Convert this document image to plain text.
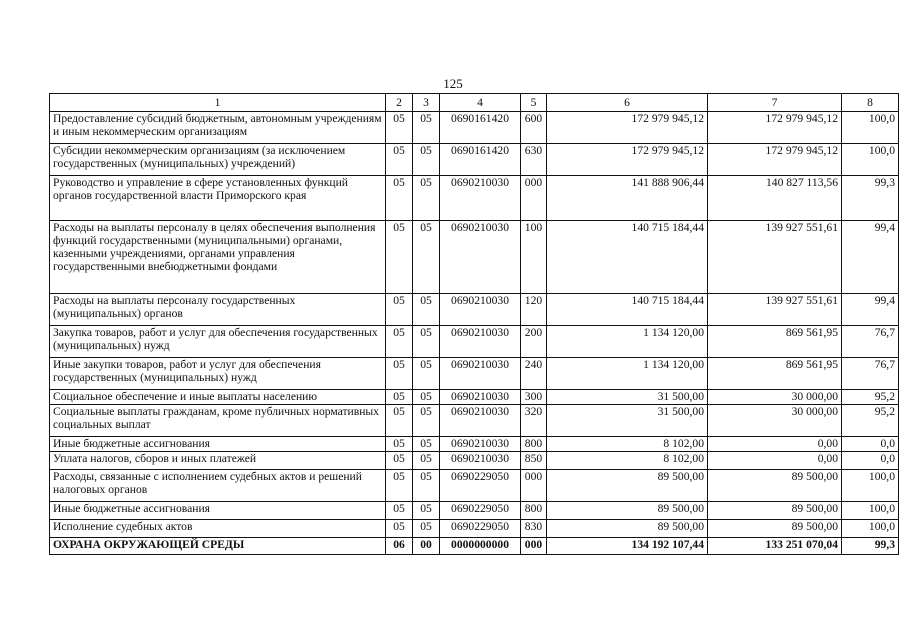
125
1	2	3	4	5	6	7	8
Предоставление субсидий бюджетным, автономным учреждениям и иным некоммерческим организациям	05	05	0690161420	600	172 979 945,12	172 979 945,12	100,0
Субсидии некоммерческим организациям (за исключением государственных (муниципальных) учреждений)	05	05	0690161420	630	172 979 945,12	172 979 945,12	100,0
Руководство и управление в сфере установленных функций органов государственной власти Приморского края	05	05	0690210030	000	141 888 906,44	140 827 113,56	99,3
Расходы на выплаты персоналу в целях обеспечения выполнения функций государственными (муниципальными) органами, казенными учреждениями, органами управления государственными внебюджетными фондами	05	05	0690210030	100	140 715 184,44	139 927 551,61	99,4
Расходы на выплаты персоналу государственных (муниципальных) органов	05	05	0690210030	120	140 715 184,44	139 927 551,61	99,4
Закупка товаров, работ и услуг для обеспечения государственных (муниципальных) нужд	05	05	0690210030	200	1 134 120,00	869 561,95	76,7
Иные закупки товаров, работ и услуг для обеспечения государственных (муниципальных) нужд	05	05	0690210030	240	1 134 120,00	869 561,95	76,7
Социальное обеспечение и иные выплаты населению	05	05	0690210030	300	31 500,00	30 000,00	95,2
Социальные выплаты гражданам, кроме публичных нормативных социальных выплат	05	05	0690210030	320	31 500,00	30 000,00	95,2
Иные бюджетные ассигнования	05	05	0690210030	800	8 102,00	0,00	0,0
Уплата налогов, сборов и иных платежей	05	05	0690210030	850	8 102,00	0,00	0,0
Расходы, связанные с исполнением судебных актов и решений налоговых органов	05	05	0690229050	000	89 500,00	89 500,00	100,0
Иные бюджетные ассигнования	05	05	0690229050	800	89 500,00	89 500,00	100,0
Исполнение судебных актов	05	05	0690229050	830	89 500,00	89 500,00	100,0
ОХРАНА ОКРУЖАЮЩЕЙ СРЕДЫ	06	00	0000000000	000	134 192 107,44	133 251 070,04	99,3
